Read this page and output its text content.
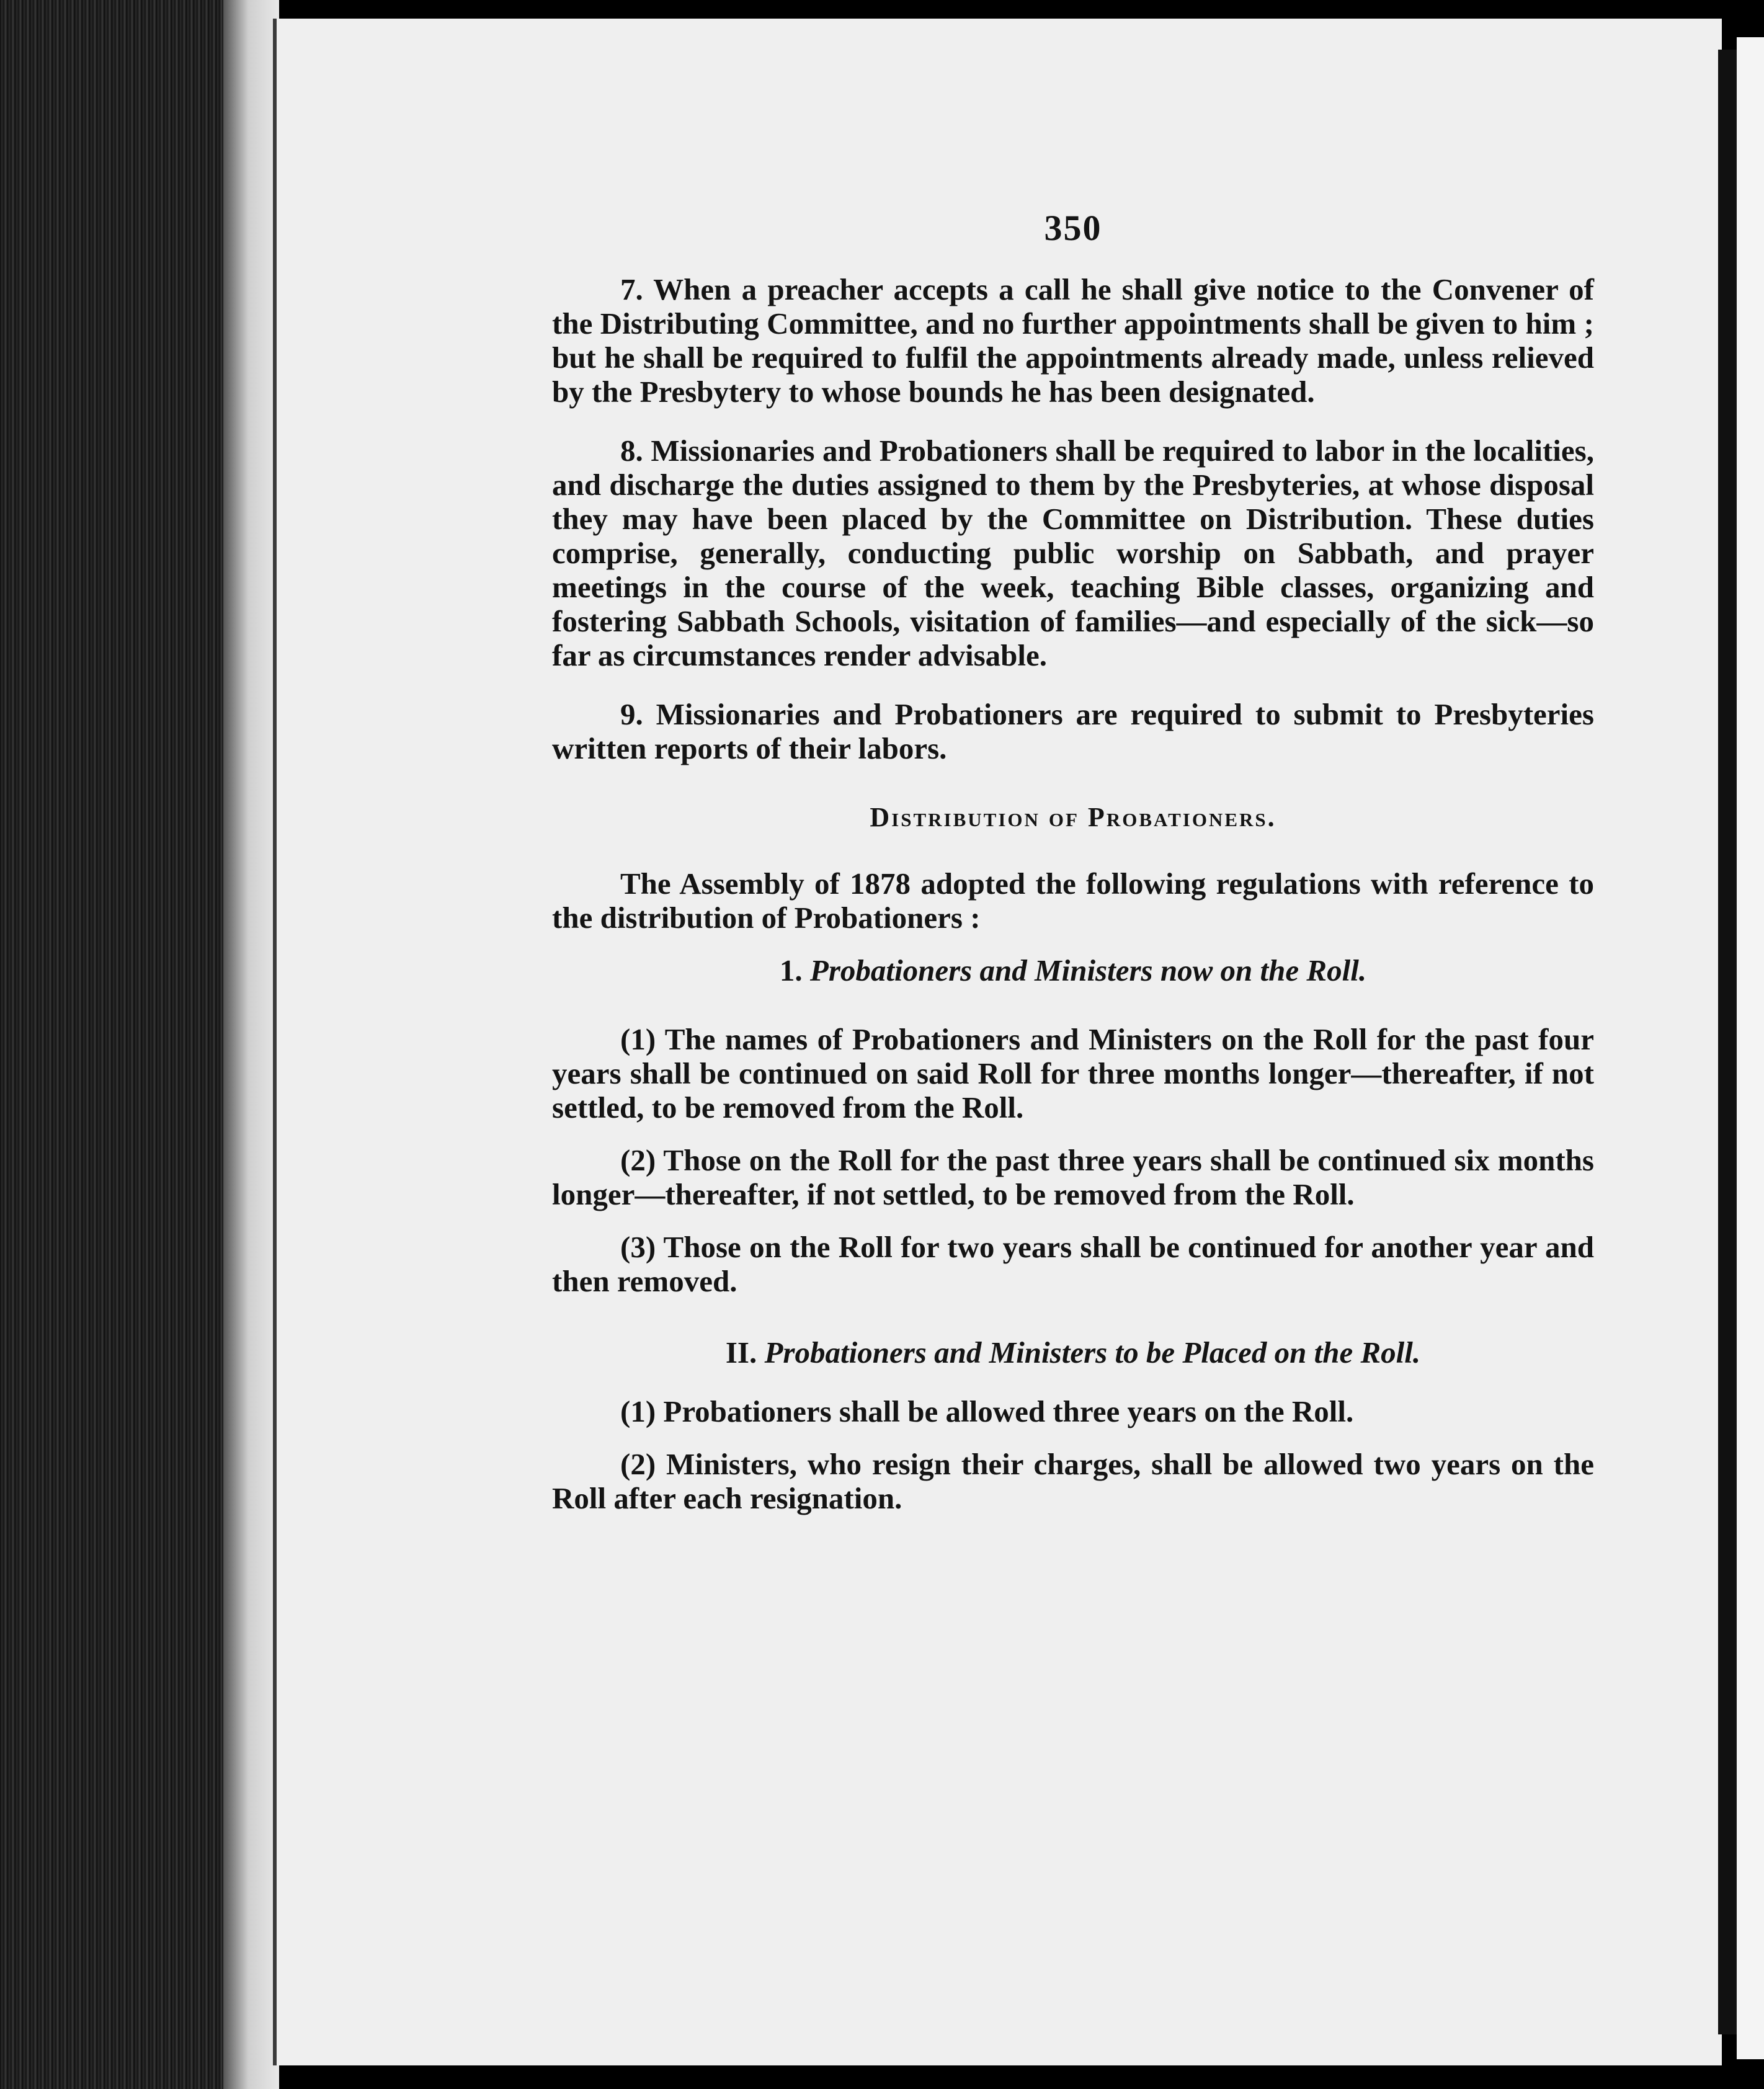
350

7. When a preacher accepts a call he shall give notice to the Convener of the Distributing Committee, and no further appointments shall be given to him ; but he shall be required to fulfil the appointments already made, unless relieved by the Presbytery to whose bounds he has been designated.

8. Missionaries and Probationers shall be required to labor in the localities, and discharge the duties assigned to them by the Presbyteries, at whose disposal they may have been placed by the Committee on Distribution. These duties comprise, generally, conducting public worship on Sabbath, and prayer meetings in the course of the week, teaching Bible classes, organizing and fostering Sabbath Schools, visitation of families—and especially of the sick—so far as circumstances render advisable.

9. Missionaries and Probationers are required to submit to Presbyteries written reports of their labors.

Distribution of Probationers.

The Assembly of 1878 adopted the following regulations with reference to the distribution of Probationers :

1. Probationers and Ministers now on the Roll.

(1) The names of Probationers and Ministers on the Roll for the past four years shall be continued on said Roll for three months longer—thereafter, if not settled, to be removed from the Roll.

(2) Those on the Roll for the past three years shall be continued six months longer—thereafter, if not settled, to be removed from the Roll.

(3) Those on the Roll for two years shall be continued for another year and then removed.

II. Probationers and Ministers to be Placed on the Roll.

(1) Probationers shall be allowed three years on the Roll.

(2) Ministers, who resign their charges, shall be allowed two years on the Roll after each resignation.
